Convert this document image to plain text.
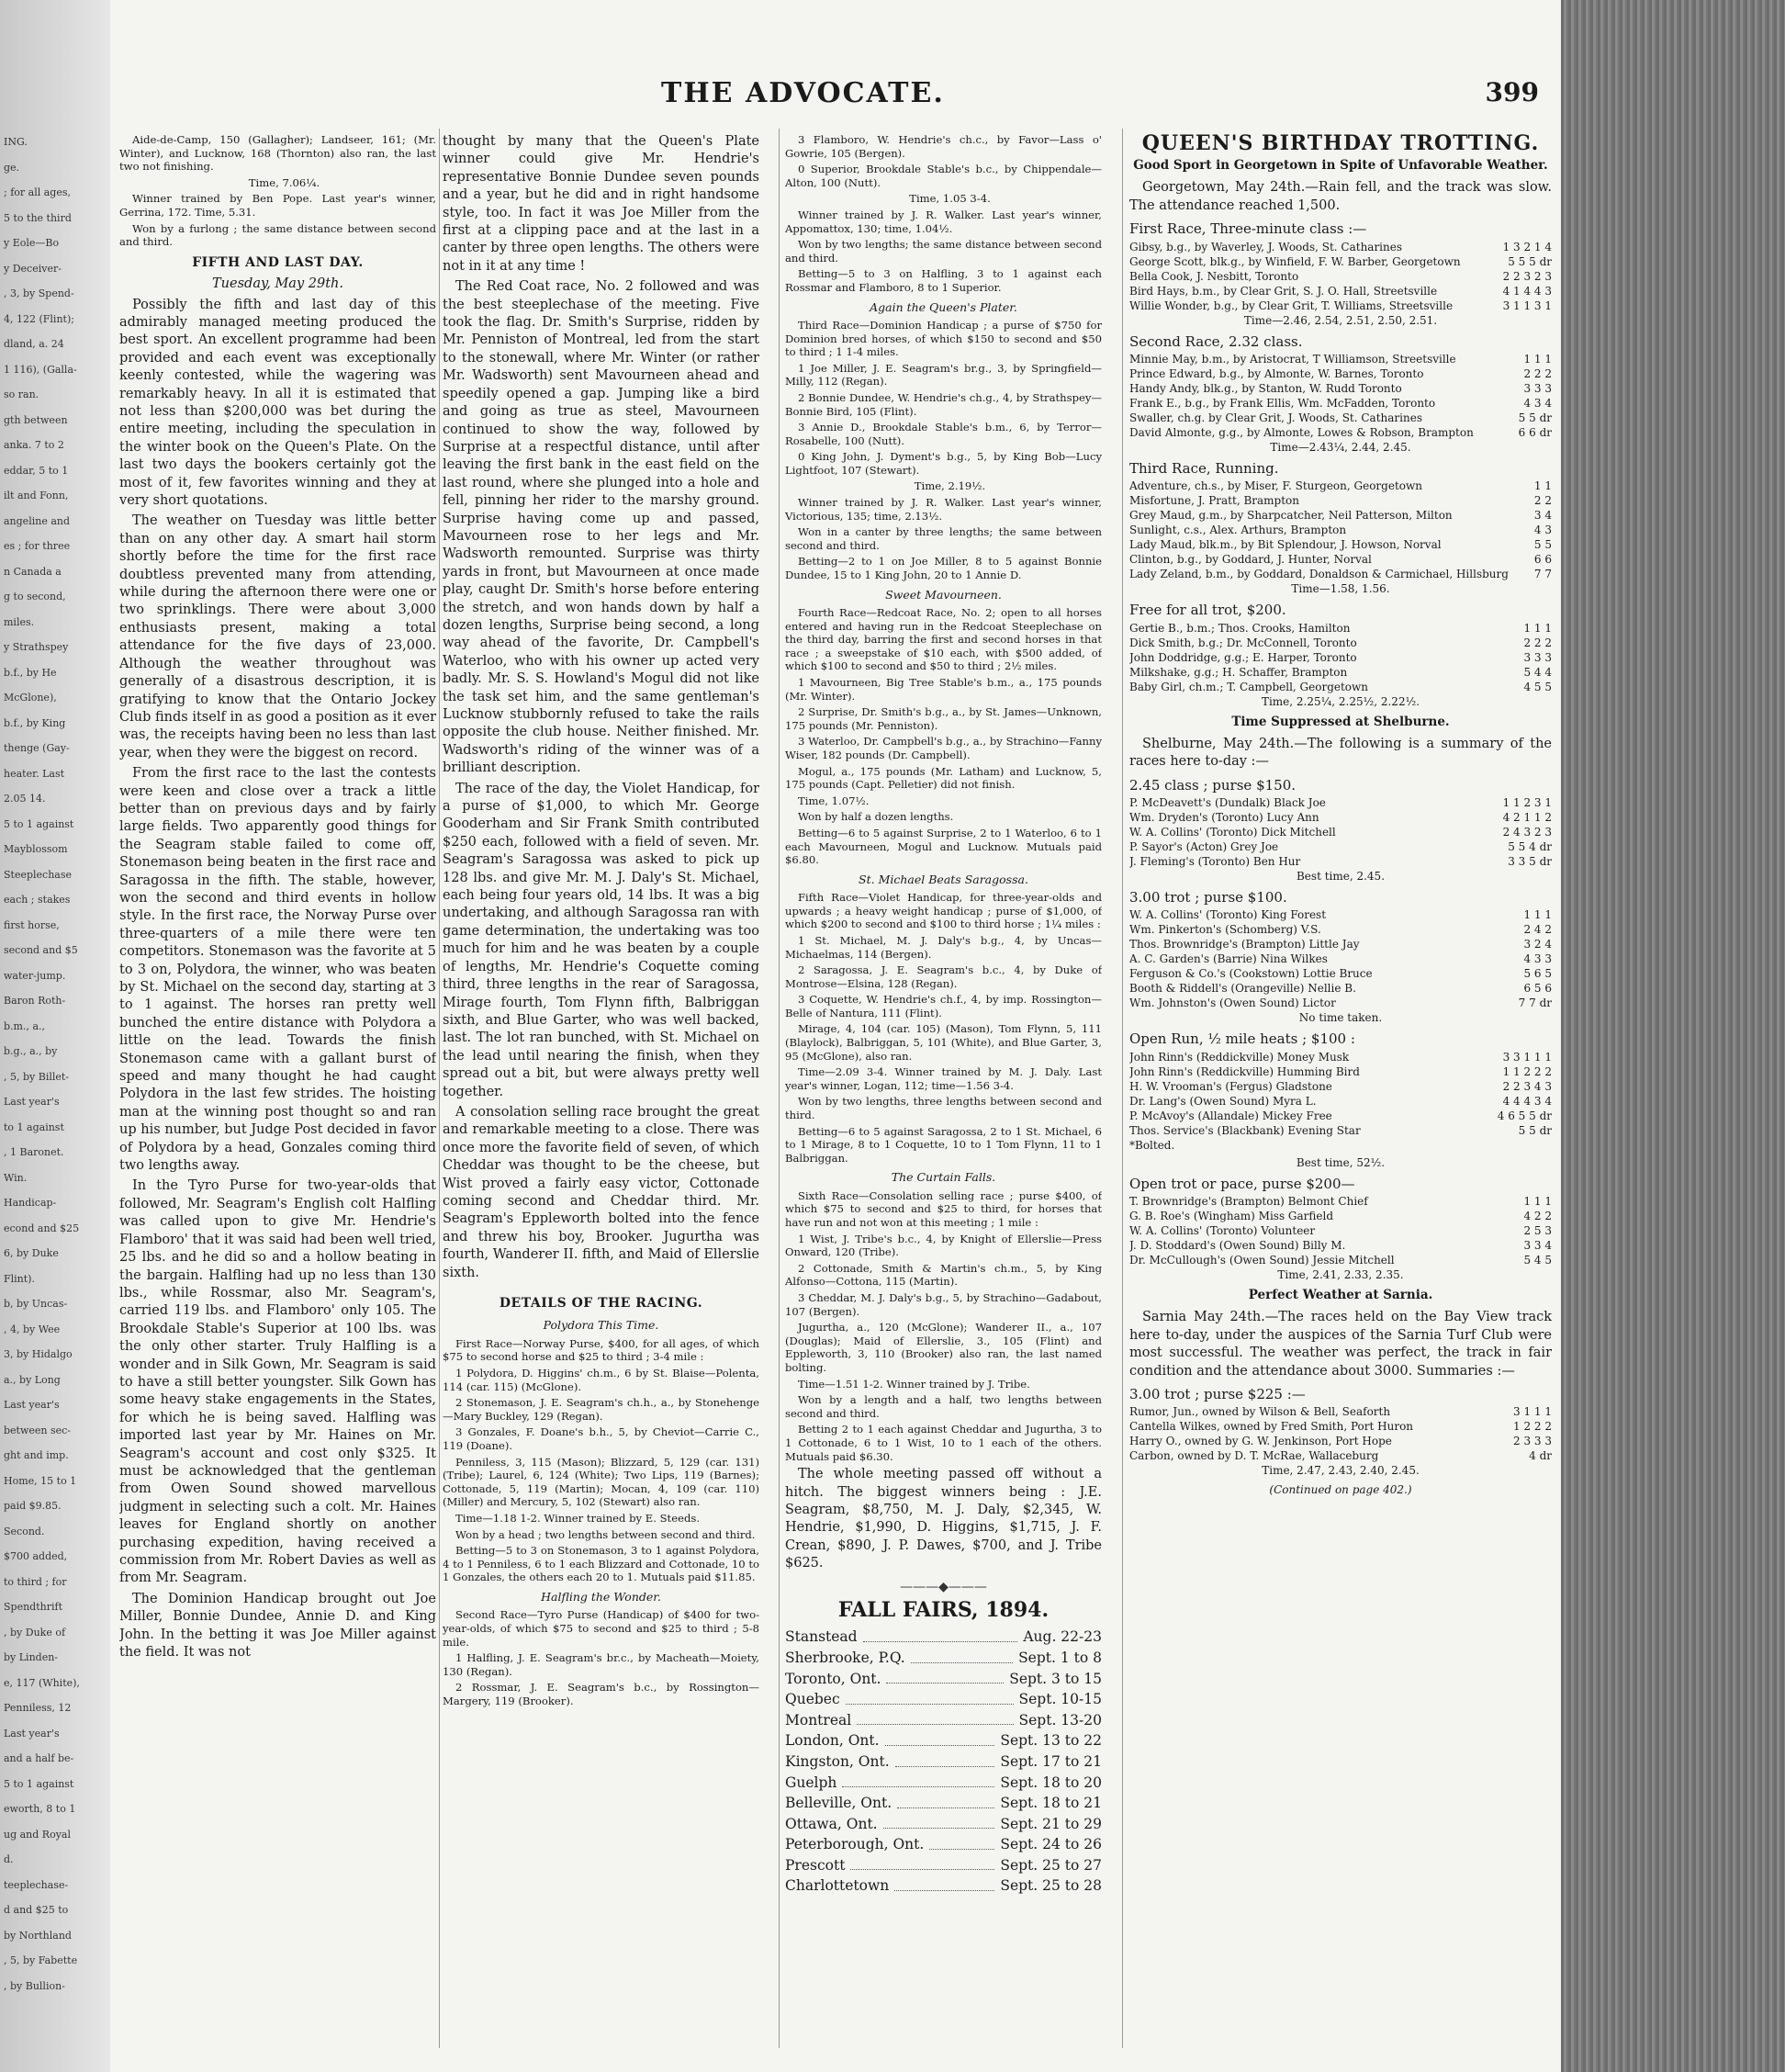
ING.
ge.
; for all ages,
5 to the third
y Eole—Bo
y Deceiver-
, 3, by Spend-
4, 122 (Flint);
dland, a. 24
1 116), (Galla-
so ran.
gth between
anka. 7 to 2
eddar, 5 to 1
ilt and Fonn,
angeline and
es ; for three
n Canada a
g to second,
miles.
y Strathspey
b.f., by He
McGlone),
b.f., by King
thenge (Gay-
heater. Last
2.05 14.
5 to 1 against
Mayblossom
Steeplechase
each ; stakes
first horse,
second and $5
water-jump.
Baron Roth-
b.m., a.,
b.g., a., by
, 5, by Billet-
Last year's
to 1 against
, 1 Baronet.
Win.
Handicap-
econd and $25
6, by Duke
Flint).
b, by Uncas-
, 4, by Wee
3, by Hidalgo
a., by Long
Last year's
between sec-
ght and imp.
Home, 15 to 1
paid $9.85.
Second.
$700 added,
to third ; for
Spendthrift
, by Duke of
by Linden-
e, 117 (White),
Penniless, 12
Last year's
and a half be-
5 to 1 against
eworth, 8 to 1
ug and Royal
d.
teeplechase-
d and $25 to
by Northland
, 5, by Fabette
, by Bullion-
THE ADVOCATE.	399

Aide-de-Camp, 150 (Gallagher); Landseer, 161; (Mr. Winter), and Lucknow, 168 (Thornton) also ran, the last two not finishing.

Time, 7.06¼.

Winner trained by Ben Pope. Last year's winner, Gerrina, 172. Time, 5.31.

Won by a furlong ; the same distance between second and third.

FIFTH AND LAST DAY.

Tuesday, May 29th.

Possibly the fifth and last day of this admirably managed meeting produced the best sport. An excellent programme had been provided and each event was exceptionally keenly contested, while the wagering was remarkably heavy. In all it is estimated that not less than $200,000 was bet during the entire meeting, including the speculation in the winter book on the Queen's Plate. On the last two days the bookers certainly got the most of it, few favorites winning and they at very short quotations.

The weather on Tuesday was little better than on any other day. A smart hail storm shortly before the time for the first race doubtless prevented many from attending, while during the afternoon there were one or two sprinklings. There were about 3,000 enthusiasts present, making a total attendance for the five days of 23,000. Although the weather throughout was generally of a disastrous description, it is gratifying to know that the Ontario Jockey Club finds itself in as good a position as it ever was, the receipts having been no less than last year, when they were the biggest on record.

From the first race to the last the contests were keen and close over a track a little better than on previous days and by fairly large fields. Two apparently good things for the Seagram stable failed to come off, Stonemason being beaten in the first race and Saragossa in the fifth. The stable, however, won the second and third events in hollow style. In the first race, the Norway Purse over three-quarters of a mile there were ten competitors. Stonemason was the favorite at 5 to 3 on, Polydora, the winner, who was beaten by St. Michael on the second day, starting at 3 to 1 against. The horses ran pretty well bunched the entire distance with Polydora a little on the lead. Towards the finish Stonemason came with a gallant burst of speed and many thought he had caught Polydora in the last few strides. The hoisting man at the winning post thought so and ran up his number, but Judge Post decided in favor of Polydora by a head, Gonzales coming third two lengths away.

In the Tyro Purse for two-year-olds that followed, Mr. Seagram's English colt Halfling was called upon to give Mr. Hendrie's Flamboro' that it was said had been well tried, 25 lbs. and he did so and a hollow beating in the bargain. Halfling had up no less than 130 lbs., while Rossmar, also Mr. Seagram's, carried 119 lbs. and Flamboro' only 105. The Brookdale Stable's Superior at 100 lbs. was the only other starter. Truly Halfling is a wonder and in Silk Gown, Mr. Seagram is said to have a still better youngster. Silk Gown has some heavy stake engagements in the States, for which he is being saved. Halfling was imported last year by Mr. Haines on Mr. Seagram's account and cost only $325. It must be acknowledged that the gentleman from Owen Sound showed marvellous judgment in selecting such a colt. Mr. Haines leaves for England shortly on another purchasing expedition, having received a commission from Mr. Robert Davies as well as from Mr. Seagram.

The Dominion Handicap brought out Joe Miller, Bonnie Dundee, Annie D. and King John. In the betting it was Joe Miller against the field. It was not

thought by many that the Queen's Plate winner could give Mr. Hendrie's representative Bonnie Dundee seven pounds and a year, but he did and in right handsome style, too. In fact it was Joe Miller from the first at a clipping pace and at the last in a canter by three open lengths. The others were not in it at any time !

The Red Coat race, No. 2 followed and was the best steeplechase of the meeting. Five took the flag. Dr. Smith's Surprise, ridden by Mr. Penniston of Montreal, led from the start to the stonewall, where Mr. Winter (or rather Mr. Wadsworth) sent Mavourneen ahead and speedily opened a gap. Jumping like a bird and going as true as steel, Mavourneen continued to show the way, followed by Surprise at a respectful distance, until after leaving the first bank in the east field on the last round, where she plunged into a hole and fell, pinning her rider to the marshy ground. Surprise having come up and passed, Mavourneen rose to her legs and Mr. Wadsworth remounted. Surprise was thirty yards in front, but Mavourneen at once made play, caught Dr. Smith's horse before entering the stretch, and won hands down by half a dozen lengths, Surprise being second, a long way ahead of the favorite, Dr. Campbell's Waterloo, who with his owner up acted very badly. Mr. S. S. Howland's Mogul did not like the task set him, and the same gentleman's Lucknow stubbornly refused to take the rails opposite the club house. Neither finished. Mr. Wadsworth's riding of the winner was of a brilliant description.

The race of the day, the Violet Handicap, for a purse of $1,000, to which Mr. George Gooderham and Sir Frank Smith contributed $250 each, followed with a field of seven. Mr. Seagram's Saragossa was asked to pick up 128 lbs. and give Mr. M. J. Daly's St. Michael, each being four years old, 14 lbs. It was a big undertaking, and although Saragossa ran with game determination, the undertaking was too much for him and he was beaten by a couple of lengths, Mr. Hendrie's Coquette coming third, three lengths in the rear of Saragossa, Mirage fourth, Tom Flynn fifth, Balbriggan sixth, and Blue Garter, who was well backed, last. The lot ran bunched, with St. Michael on the lead until nearing the finish, when they spread out a bit, but were always pretty well together.

A consolation selling race brought the great and remarkable meeting to a close. There was once more the favorite field of seven, of which Cheddar was thought to be the cheese, but Wist proved a fairly easy victor, Cottonade coming second and Cheddar third. Mr. Seagram's Eppleworth bolted into the fence and threw his boy, Brooker. Jugurtha was fourth, Wanderer II. fifth, and Maid of Ellerslie sixth.

DETAILS OF THE RACING.
Polydora This Time.

First Race—Norway Purse, $400, for all ages, of which $75 to second horse and $25 to third ; 3-4 mile :

1 Polydora, D. Higgins' ch.m., 6 by St. Blaise—Polenta, 114 (car. 115) (McGlone).

2 Stonemason, J. E. Seagram's ch.h., a., by Stonehenge—Mary Buckley, 129 (Regan).

3 Gonzales, F. Doane's b.h., 5, by Cheviot—Carrie C., 119 (Doane).

Penniless, 3, 115 (Mason); Blizzard, 5, 129 (car. 131) (Tribe); Laurel, 6, 124 (White); Two Lips, 119 (Barnes); Cottonade, 5, 119 (Martin); Mocan, 4, 109 (car. 110) (Miller) and Mercury, 5, 102 (Stewart) also ran.

Time—1.18 1-2. Winner trained by E. Steeds.

Won by a head ; two lengths between second and third.

Betting—5 to 3 on Stonemason, 3 to 1 against Polydora, 4 to 1 Penniless, 6 to 1 each Blizzard and Cottonade, 10 to 1 Gonzales, the others each 20 to 1. Mutuals paid $11.85.

Halfling the Wonder.

Second Race—Tyro Purse (Handicap) of $400 for two-year-olds, of which $75 to second and $25 to third ; 5-8 mile.

1 Halfling, J. E. Seagram's br.c., by Macheath—Moiety, 130 (Regan).

2 Rossmar, J. E. Seagram's b.c., by Rossington—Margery, 119 (Brooker).

3 Flamboro, W. Hendrie's ch.c., by Favor—Lass o' Gowrie, 105 (Bergen).

0 Superior, Brookdale Stable's b.c., by Chippendale—Alton, 100 (Nutt).

Time, 1.05 3-4.

Winner trained by J. R. Walker. Last year's winner, Appomattox, 130; time, 1.04½.

Won by two lengths; the same distance between second and third.

Betting—5 to 3 on Halfling, 3 to 1 against each Rossmar and Flamboro, 8 to 1 Superior.

Again the Queen's Plater.

Third Race—Dominion Handicap ; a purse of $750 for Dominion bred horses, of which $150 to second and $50 to third ; 1 1-4 miles.

1 Joe Miller, J. E. Seagram's br.g., 3, by Springfield—Milly, 112 (Regan).

2 Bonnie Dundee, W. Hendrie's ch.g., 4, by Strathspey—Bonnie Bird, 105 (Flint).

3 Annie D., Brookdale Stable's b.m., 6, by Terror—Rosabelle, 100 (Nutt).

0 King John, J. Dyment's b.g., 5, by King Bob—Lucy Lightfoot, 107 (Stewart).

Time, 2.19½.

Winner trained by J. R. Walker. Last year's winner, Victorious, 135; time, 2.13½.

Won in a canter by three lengths; the same between second and third.

Betting—2 to 1 on Joe Miller, 8 to 5 against Bonnie Dundee, 15 to 1 King John, 20 to 1 Annie D.

Sweet Mavourneen.

Fourth Race—Redcoat Race, No. 2; open to all horses entered and having run in the Redcoat Steeplechase on the third day, barring the first and second horses in that race ; a sweepstake of $10 each, with $500 added, of which $100 to second and $50 to third ; 2½ miles.

1 Mavourneen, Big Tree Stable's b.m., a., 175 pounds (Mr. Winter).

2 Surprise, Dr. Smith's b.g., a., by St. James—Unknown, 175 pounds (Mr. Penniston).

3 Waterloo, Dr. Campbell's b.g., a., by Strachino—Fanny Wiser, 182 pounds (Dr. Campbell).

Mogul, a., 175 pounds (Mr. Latham) and Lucknow, 5, 175 pounds (Capt. Pelletier) did not finish.

Time, 1.07½.

Won by half a dozen lengths.

Betting—6 to 5 against Surprise, 2 to 1 Waterloo, 6 to 1 each Mavourneen, Mogul and Lucknow. Mutuals paid $6.80.

St. Michael Beats Saragossa.

Fifth Race—Violet Handicap, for three-year-olds and upwards ; a heavy weight handicap ; purse of $1,000, of which $200 to second and $100 to third horse ; 1¼ miles :

1 St. Michael, M. J. Daly's b.g., 4, by Uncas—Michaelmas, 114 (Bergen).

2 Saragossa, J. E. Seagram's b.c., 4, by Duke of Montrose—Elsina, 128 (Regan).

3 Coquette, W. Hendrie's ch.f., 4, by imp. Rossington—Belle of Nantura, 111 (Flint).

Mirage, 4, 104 (car. 105) (Mason), Tom Flynn, 5, 111 (Blaylock), Balbriggan, 5, 101 (White), and Blue Garter, 3, 95 (McGlone), also ran.

Time—2.09 3-4. Winner trained by M. J. Daly. Last year's winner, Logan, 112; time—1.56 3-4.

Won by two lengths, three lengths between second and third.

Betting—6 to 5 against Saragossa, 2 to 1 St. Michael, 6 to 1 Mirage, 8 to 1 Coquette, 10 to 1 Tom Flynn, 11 to 1 Balbriggan.

The Curtain Falls.

Sixth Race—Consolation selling race ; purse $400, of which $75 to second and $25 to third, for horses that have run and not won at this meeting ; 1 mile :

1 Wist, J. Tribe's b.c., 4, by Knight of Ellerslie—Press Onward, 120 (Tribe).

2 Cottonade, Smith & Martin's ch.m., 5, by King Alfonso—Cottona, 115 (Martin).

3 Cheddar, M. J. Daly's b.g., 5, by Strachino—Gadabout, 107 (Bergen).

Jugurtha, a., 120 (McGlone); Wanderer II., a., 107 (Douglas); Maid of Ellerslie, 3., 105 (Flint) and Eppleworth, 3, 110 (Brooker) also ran, the last named bolting.

Time—1.51 1-2. Winner trained by J. Tribe.

Won by a length and a half, two lengths between second and third.

Betting 2 to 1 each against Cheddar and Jugurtha, 3 to 1 Cottonade, 6 to 1 Wist, 10 to 1 each of the others. Mutuals paid $6.30.

The whole meeting passed off without a hitch. The biggest winners being : J.E. Seagram, $8,750, M. J. Daly, $2,345, W. Hendrie, $1,990, D. Higgins, $1,715, J. F. Crean, $890, J. P. Dawes, $700, and J. Tribe $625.

———◆———
FALL FAIRS, 1894.
Stanstead	Aug. 22-23
Sherbrooke, P.Q.	Sept. 1 to 8
Toronto, Ont.	Sept. 3 to 15
Quebec	Sept. 10-15
Montreal	Sept. 13-20
London, Ont.	Sept. 13 to 22
Kingston, Ont.	Sept. 17 to 21
Guelph	Sept. 18 to 20
Belleville, Ont.	Sept. 18 to 21
Ottawa, Ont.	Sept. 21 to 29
Peterborough, Ont.	Sept. 24 to 26
Prescott	Sept. 25 to 27
Charlottetown	Sept. 25 to 28
QUEEN'S BIRTHDAY TROTTING.
Good Sport in Georgetown in Spite of Unfavorable Weather.

Georgetown, May 24th.—Rain fell, and the track was slow. The attendance reached 1,500.

First Race, Three-minute class :—
Gibsy, b.g., by Waverley, J. Woods, St. Catharines	1 3 2 1 4
George Scott, blk.g., by Winfield, F. W. Barber, Georgetown	5 5 5 dr
Bella Cook, J. Nesbitt, Toronto	2 2 3 2 3
Bird Hays, b.m., by Clear Grit, S. J. O. Hall, Streetsville	4 1 4 4 3
Willie Wonder, b.g., by Clear Grit, T. Williams, Streetsville	3 1 1 3 1
Time—2.46, 2.54, 2.51, 2.50, 2.51.
Second Race, 2.32 class.
Minnie May, b.m., by Aristocrat, T Williamson, Streetsville	1 1 1
Prince Edward, b.g., by Almonte, W. Barnes, Toronto	2 2 2
Handy Andy, blk.g., by Stanton, W. Rudd Toronto	3 3 3
Frank E., b.g., by Frank Ellis, Wm. McFadden, Toronto	4 3 4
Swaller, ch.g. by Clear Grit, J. Woods, St. Catharines	5 5 dr
David Almonte, g.g., by Almonte, Lowes & Robson, Brampton	6 6 dr
Time—2.43¼, 2.44, 2.45.
Third Race, Running.
Adventure, ch.s., by Miser, F. Sturgeon, Georgetown	1 1
Misfortune, J. Pratt, Brampton	2 2
Grey Maud, g.m., by Sharpcatcher, Neil Patterson, Milton	3 4
Sunlight, c.s., Alex. Arthurs, Brampton	4 3
Lady Maud, blk.m., by Bit Splendour, J. Howson, Norval	5 5
Clinton, b.g., by Goddard, J. Hunter, Norval	6 6
Lady Zeland, b.m., by Goddard, Donaldson & Carmichael, Hillsburg	7 7
Time—1.58, 1.56.
Free for all trot, $200.
Gertie B., b.m.; Thos. Crooks, Hamilton	1 1 1
Dick Smith, b.g.; Dr. McConnell, Toronto	2 2 2
John Doddridge, g.g.; E. Harper, Toronto	3 3 3
Milkshake, g.g.; H. Schaffer, Brampton	5 4 4
Baby Girl, ch.m.; T. Campbell, Georgetown	4 5 5
Time, 2.25¼, 2.25½, 2.22½.
Time Suppressed at Shelburne.

Shelburne, May 24th.—The following is a summary of the races here to-day :—

2.45 class ; purse $150.
P. McDeavett's (Dundalk) Black Joe	1 1 2 3 1
Wm. Dryden's (Toronto) Lucy Ann	4 2 1 1 2
W. A. Collins' (Toronto) Dick Mitchell	2 4 3 2 3
P. Sayor's (Acton) Grey Joe	5 5 4 dr
J. Fleming's (Toronto) Ben Hur	3 3 5 dr
Best time, 2.45.
3.00 trot ; purse $100.
W. A. Collins' (Toronto) King Forest	1 1 1
Wm. Pinkerton's (Schomberg) V.S.	2 4 2
Thos. Brownridge's (Brampton) Little Jay	3 2 4
A. C. Garden's (Barrie) Nina Wilkes	4 3 3
Ferguson & Co.'s (Cookstown) Lottie Bruce	5 6 5
Booth & Riddell's (Orangeville) Nellie B.	6 5 6
Wm. Johnston's (Owen Sound) Lictor	7 7 dr
No time taken.
Open Run, ½ mile heats ; $100 :
John Rinn's (Reddickville) Money Musk	3 3 1 1 1
John Rinn's (Reddickville) Humming Bird	1 1 2 2 2
H. W. Vrooman's (Fergus) Gladstone	2 2 3 4 3
Dr. Lang's (Owen Sound) Myra L.	4 4 4 3 4
P. McAvoy's (Allandale) Mickey Free	4 6 5 5 dr
Thos. Service's (Blackbank) Evening Star	5 5 dr
*Bolted.
Best time, 52½.
Open trot or pace, purse $200—
T. Brownridge's (Brampton) Belmont Chief	1 1 1
G. B. Roe's (Wingham) Miss Garfield	4 2 2
W. A. Collins' (Toronto) Volunteer	2 5 3
J. D. Stoddard's (Owen Sound) Billy M.	3 3 4
Dr. McCullough's (Owen Sound) Jessie Mitchell	5 4 5
Time, 2.41, 2.33, 2.35.
Perfect Weather at Sarnia.

Sarnia May 24th.—The races held on the Bay View track here to-day, under the auspices of the Sarnia Turf Club were most successful. The weather was perfect, the track in fair condition and the attendance about 3000. Summaries :—

3.00 trot ; purse $225 :—
Rumor, Jun., owned by Wilson & Bell, Seaforth	3 1 1 1
Cantella Wilkes, owned by Fred Smith, Port Huron	1 2 2 2
Harry O., owned by G. W. Jenkinson, Port Hope	2 3 3 3
Carbon, owned by D. T. McRae, Wallaceburg	4 dr
Time, 2.47, 2.43, 2.40, 2.45.
(Continued on page 402.)
